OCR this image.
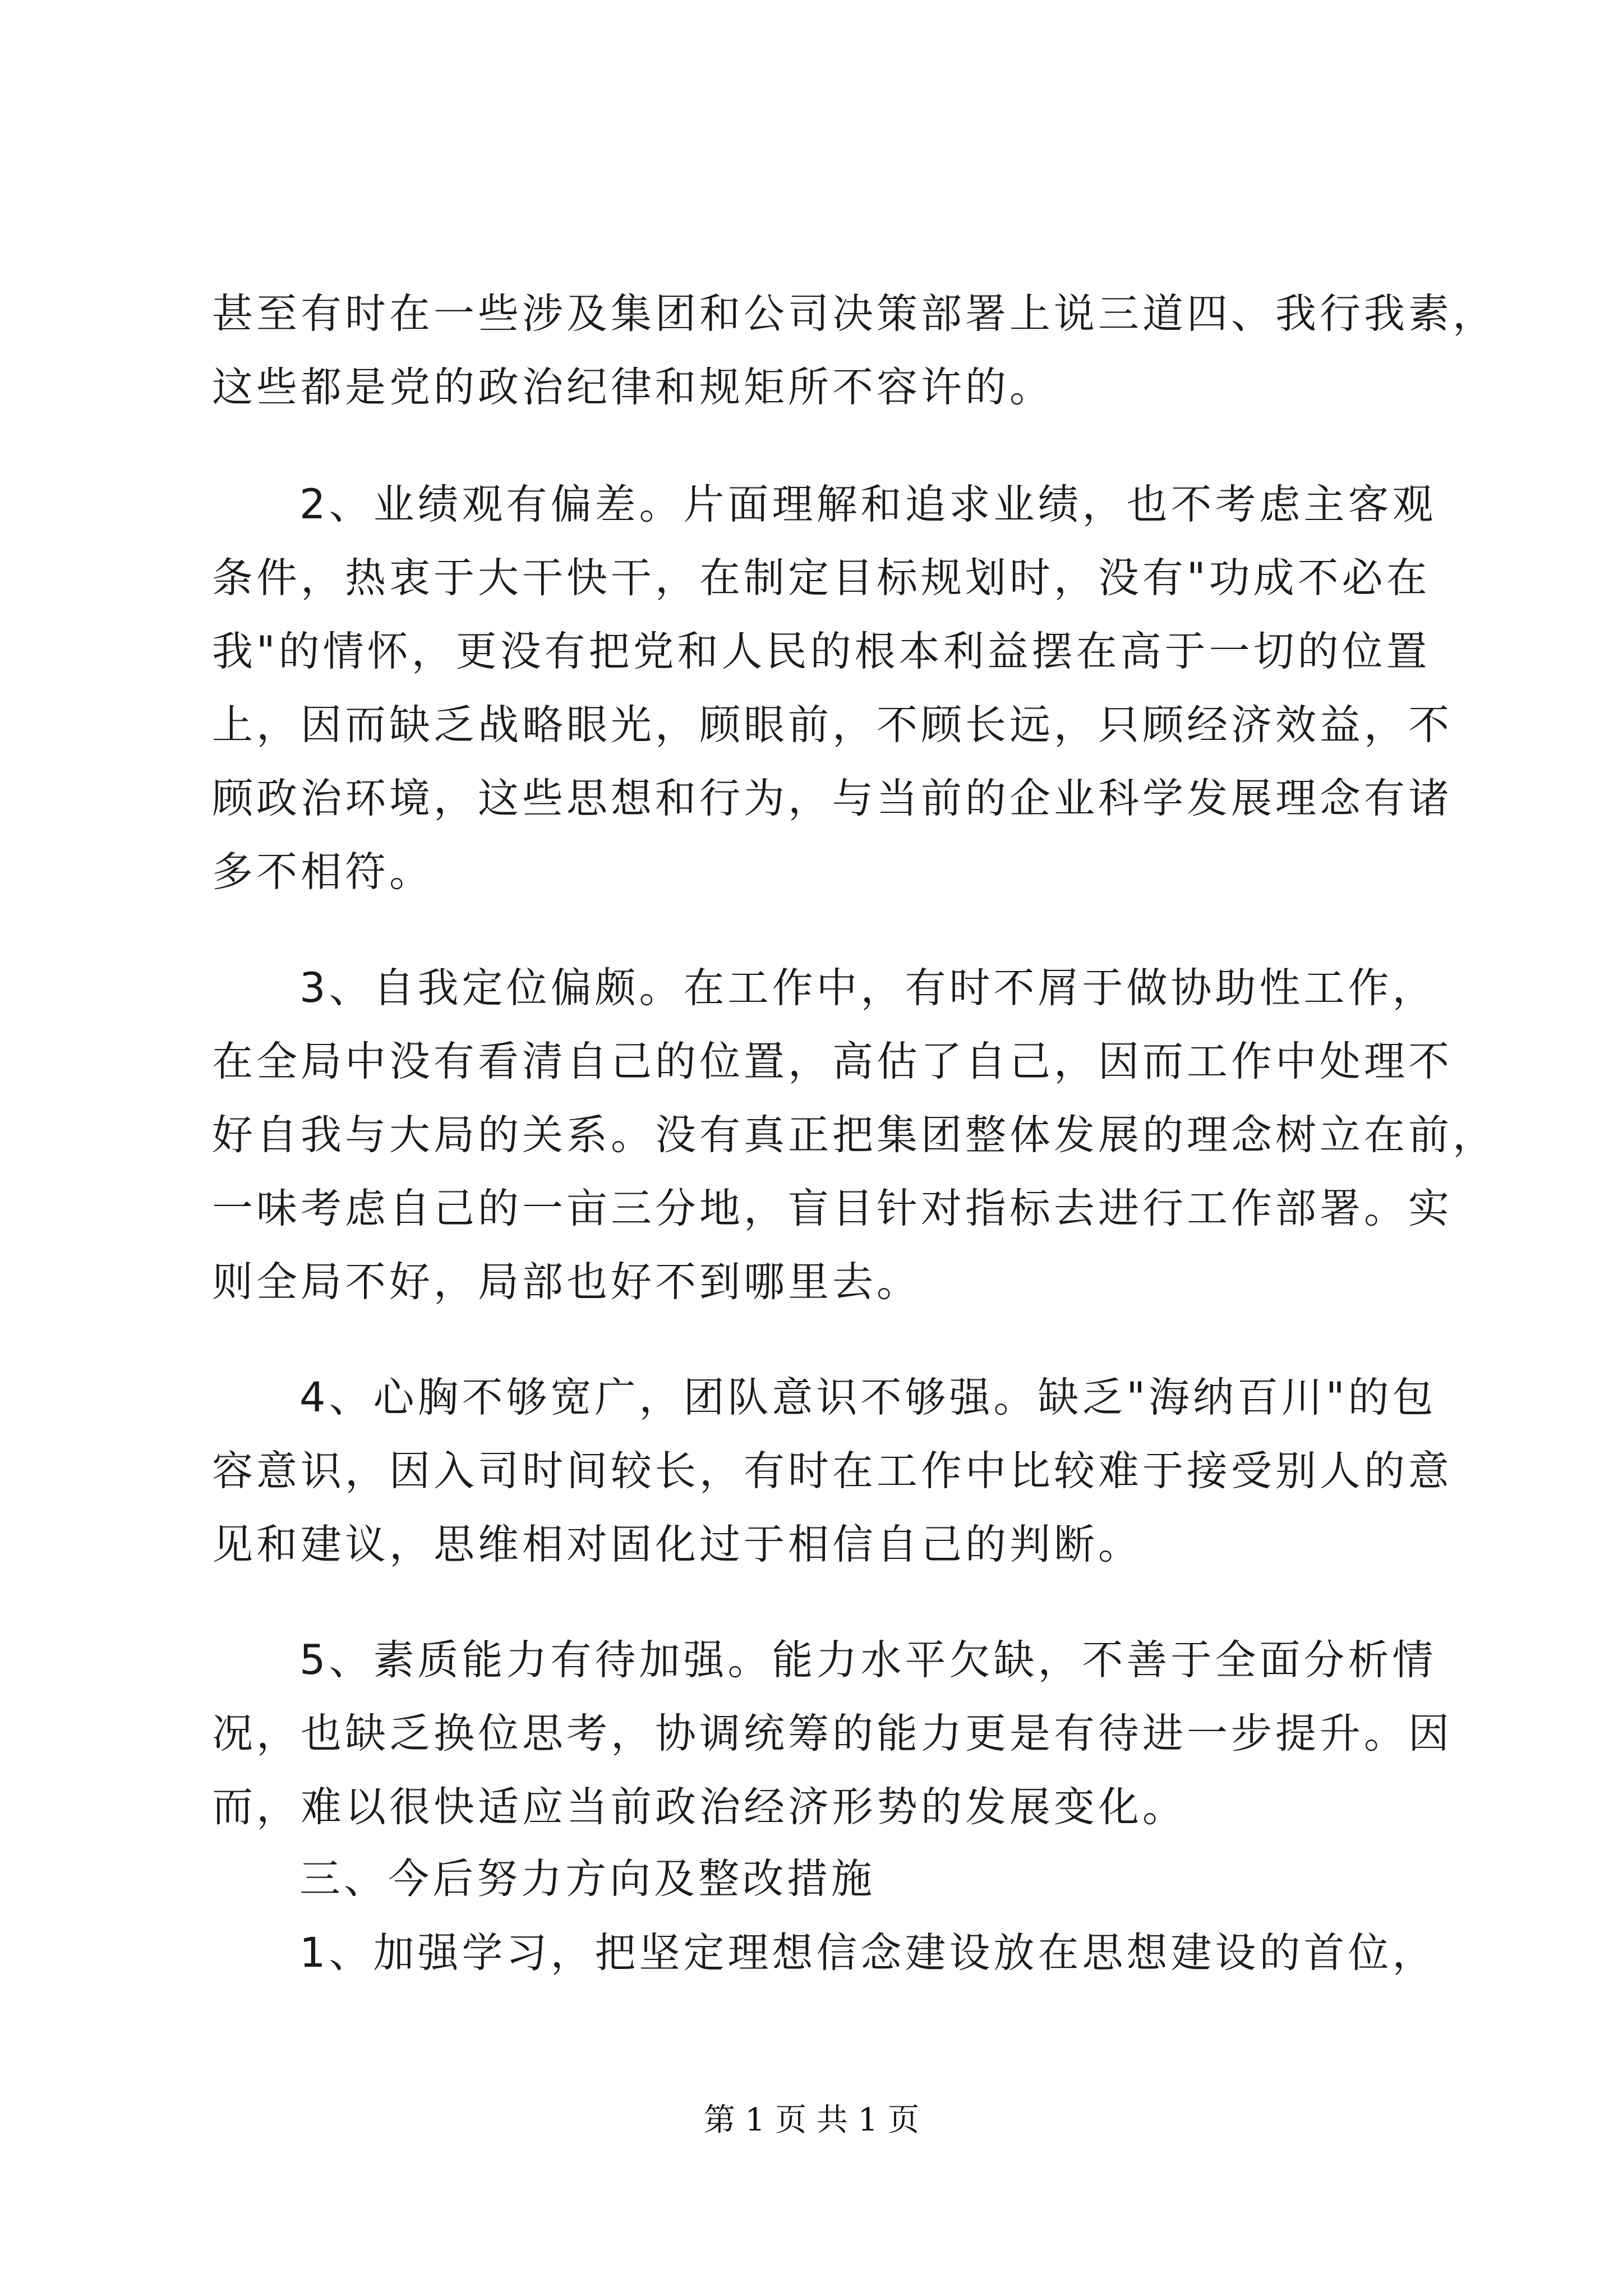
甚至有时在一些涉及集团和公司决策部署上说三道四、我行我素，
这些都是党的政治纪律和规矩所不容许的。
2、业绩观有偏差。片面理解和追求业绩，也不考虑主客观
条件，热衷于大干快干，在制定目标规划时，没有"功成不必在
我"的情怀，更没有把党和人民的根本利益摆在高于一切的位置
上，因而缺乏战略眼光，顾眼前，不顾长远，只顾经济效益，不
顾政治环境，这些思想和行为，与当前的企业科学发展理念有诸
多不相符。
3、自我定位偏颇。在工作中，有时不屑于做协助性工作，
在全局中没有看清自己的位置，高估了自己，因而工作中处理不
好自我与大局的关系。没有真正把集团整体发展的理念树立在前，
一味考虑自己的一亩三分地，盲目针对指标去进行工作部署。实
则全局不好，局部也好不到哪里去。
4、心胸不够宽广，团队意识不够强。缺乏"海纳百川"的包
容意识，因入司时间较长，有时在工作中比较难于接受别人的意
见和建议，思维相对固化过于相信自己的判断。
5、素质能力有待加强。能力水平欠缺，不善于全面分析情
况，也缺乏换位思考，协调统筹的能力更是有待进一步提升。因
而，难以很快适应当前政治经济形势的发展变化。
三、今后努力方向及整改措施
1、加强学习，把坚定理想信念建设放在思想建设的首位，
第 1 页 共 1 页
